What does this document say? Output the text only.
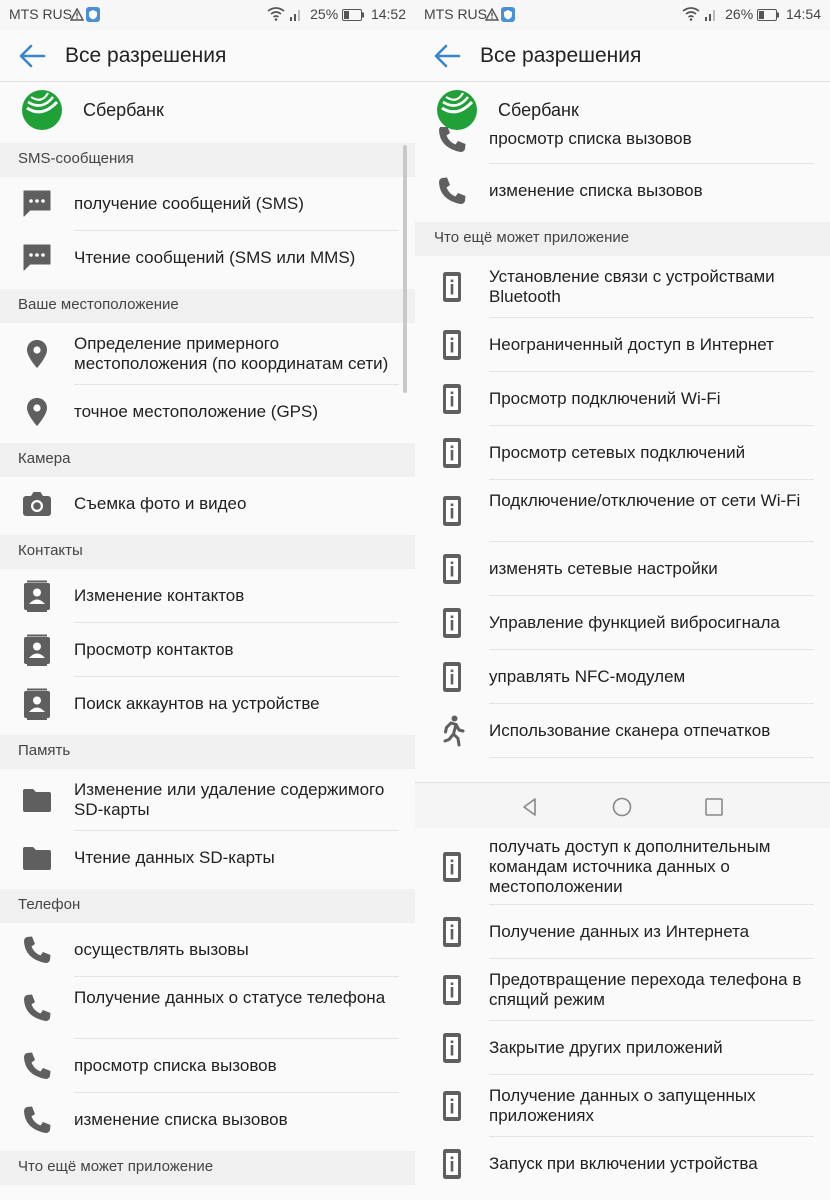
MTS RUS	25% 14:52
Все разрешения
Сбербанк
SMS-сообщения
получение сообщений (SMS)
Чтение сообщений (SMS или MMS)
Ваше местоположение
Определение примерного местоположения (по координатам сети)
точное местоположение (GPS)
Камера
Съемка фото и видео
Контакты
Изменение контактов
Просмотр контактов
Поиск аккаунтов на устройстве
Память
Изменение или удаление содержимого SD-карты
Чтение данных SD-карты
Телефон
осуществлять вызовы
Получение данных о статусе телефона
просмотр списка вызовов
изменение списка вызовов
Что ещё может приложение
MTS RUS	26% 14:54
Все разрешения
Сбербанк
просмотр списка вызовов
изменение списка вызовов
Что ещё может приложение
Установление связи с устройствами Bluetooth
Неограниченный доступ в Интернет
Просмотр подключений Wi-Fi
Просмотр сетевых подключений
Подключение/отключение от сети Wi-Fi
изменять сетевые настройки
Управление функцией вибросигнала
управлять NFC-модулем
Использование сканера отпечатков
получать доступ к дополнительным командам источника данных о местоположении
Получение данных из Интернета
Предотвращение перехода телефона в спящий режим
Закрытие других приложений
Получение данных о запущенных приложениях
Запуск при включении устройства
